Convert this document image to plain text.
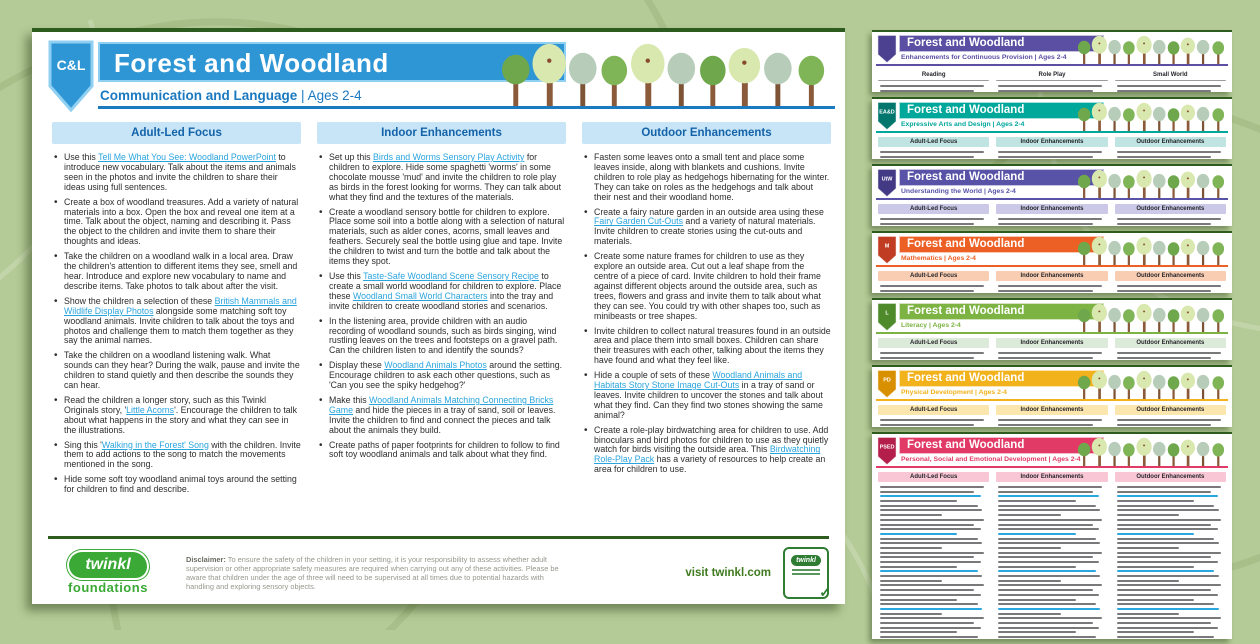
C&L	Forest and Woodland
Communication and Language | Ages 2-4
Adult-Led Focus
• Use this Tell Me What You See: Woodland PowerPoint to introduce new vocabulary. Talk about the items and animals seen in the photos and invite the children to share their ideas using full sentences.
• Create a box of woodland treasures. Add a variety of natural materials into a box. Open the box and reveal one item at a time. Talk about the object, naming and describing it. Pass the object to the children and invite them to share their thoughts and ideas.
• Take the children on a woodland walk in a local area. Draw the children's attention to different items they see, smell and hear. Introduce and explore new vocabulary to name and describe items. Take photos to talk about after the visit.
• Show the children a selection of these British Mammals and Wildlife Display Photos alongside some matching soft toy woodland animals. Invite children to talk about the toys and photos and challenge them to match them together as they say the animal names.
• Take the children on a woodland listening walk. What sounds can they hear? During the walk, pause and invite the children to stand quietly and then describe the sounds they can hear.
• Read the children a longer story, such as this Twinkl Originals story, 'Little Acorns'. Encourage the children to talk about what happens in the story and what they can see in the illustrations.
• Sing this 'Walking in the Forest' Song with the children. Invite them to add actions to the song to match the movements mentioned in the song.
• Hide some soft toy woodland animal toys around the setting for children to find and describe.
Indoor Enhancements
• Set up this Birds and Worms Sensory Play Activity for children to explore. Hide some spaghetti 'worms' in some chocolate mousse 'mud' and invite the children to role play as birds in the forest looking for worms. They can talk about what they find and the textures of the materials.
• Create a woodland sensory bottle for children to explore. Place some soil into a bottle along with a selection of natural materials, such as alder cones, acorns, small leaves and feathers. Securely seal the bottle using glue and tape. Invite the children to twist and turn the bottle and talk about the items they spot.
• Use this Taste-Safe Woodland Scene Sensory Recipe to create a small world woodland for children to explore. Place these Woodland Small World Characters into the tray and invite children to create woodland stories and scenarios.
• In the listening area, provide children with an audio recording of woodland sounds, such as birds singing, wind rustling leaves on the trees and footsteps on a gravel path. Can the children listen to and identify the sounds?
• Display these Woodland Animals Photos around the setting. Encourage children to ask each other questions, such as 'Can you see the spiky hedgehog?'
• Make this Woodland Animals Matching Connecting Bricks Game and hide the pieces in a tray of sand, soil or leaves. Invite the children to find and connect the pieces and talk about the animals they build.
• Create paths of paper footprints for children to follow to find soft toy woodland animals and talk about what they find.
Outdoor Enhancements
• Fasten some leaves onto a small tent and place some leaves inside, along with blankets and cushions. Invite children to role play as hedgehogs hibernating for the winter. They can take on roles as the hedgehogs and talk about their nest and their woodland home.
• Create a fairy nature garden in an outside area using these Fairy Garden Cut-Outs and a variety of natural materials. Invite children to create stories using the cut-outs and materials.
• Create some nature frames for children to use as they explore an outside area. Cut out a leaf shape from the centre of a piece of card. Invite children to hold their frame against different objects around the outside area, such as trees, flowers and grass and invite them to talk about what they can see. You could try with other shapes too, such as minibeasts or tree shapes.
• Invite children to collect natural treasures found in an outside area and place them into small boxes. Children can share their treasures with each other, talking about the items they have found and what they feel like.
• Hide a couple of sets of these Woodland Animals and Habitats Story Stone Image Cut-Outs in a tray of sand or leaves. Invite children to uncover the stones and talk about what they find. Can they find two stones showing the same animal?
• Create a role-play birdwatching area for children to use. Add binoculars and bird photos for children to use as they quietly watch for birds visiting the outside area. This Birdwatching Role-Play Pack has a variety of resources to help create an area for children to use.
twinkl
foundations
Disclaimer: To ensure the safety of the children in your setting, it is your responsibility to assess whether adult supervision or other appropriate safety measures are required when carrying out any of these activities. Please be aware that children under the age of three will need to be supervised at all times due to potential hazards with handling and exploring sensory objects.
visit twinkl.com
twinkl
✓
Forest and Woodland
Enhancements for Continuous Provision | Ages 2-4
Reading	Role Play	Small World
EA&D	Forest and Woodland
Expressive Arts and Design | Ages 2-4
Adult-Led Focus	Indoor Enhancements	Outdoor Enhancements
UtW	Forest and Woodland
Understanding the World | Ages 2-4
Adult-Led Focus	Indoor Enhancements	Outdoor Enhancements
M	Forest and Woodland
Mathematics | Ages 2-4
Adult-Led Focus	Indoor Enhancements	Outdoor Enhancements
L	Forest and Woodland
Literacy | Ages 2-4
Adult-Led Focus	Indoor Enhancements	Outdoor Enhancements
PD	Forest and Woodland
Physical Development | Ages 2-4
Adult-Led Focus	Indoor Enhancements	Outdoor Enhancements
PSED	Forest and Woodland
Personal, Social and Emotional Development | Ages 2-4
Adult-Led Focus	Indoor Enhancements	Outdoor Enhancements
